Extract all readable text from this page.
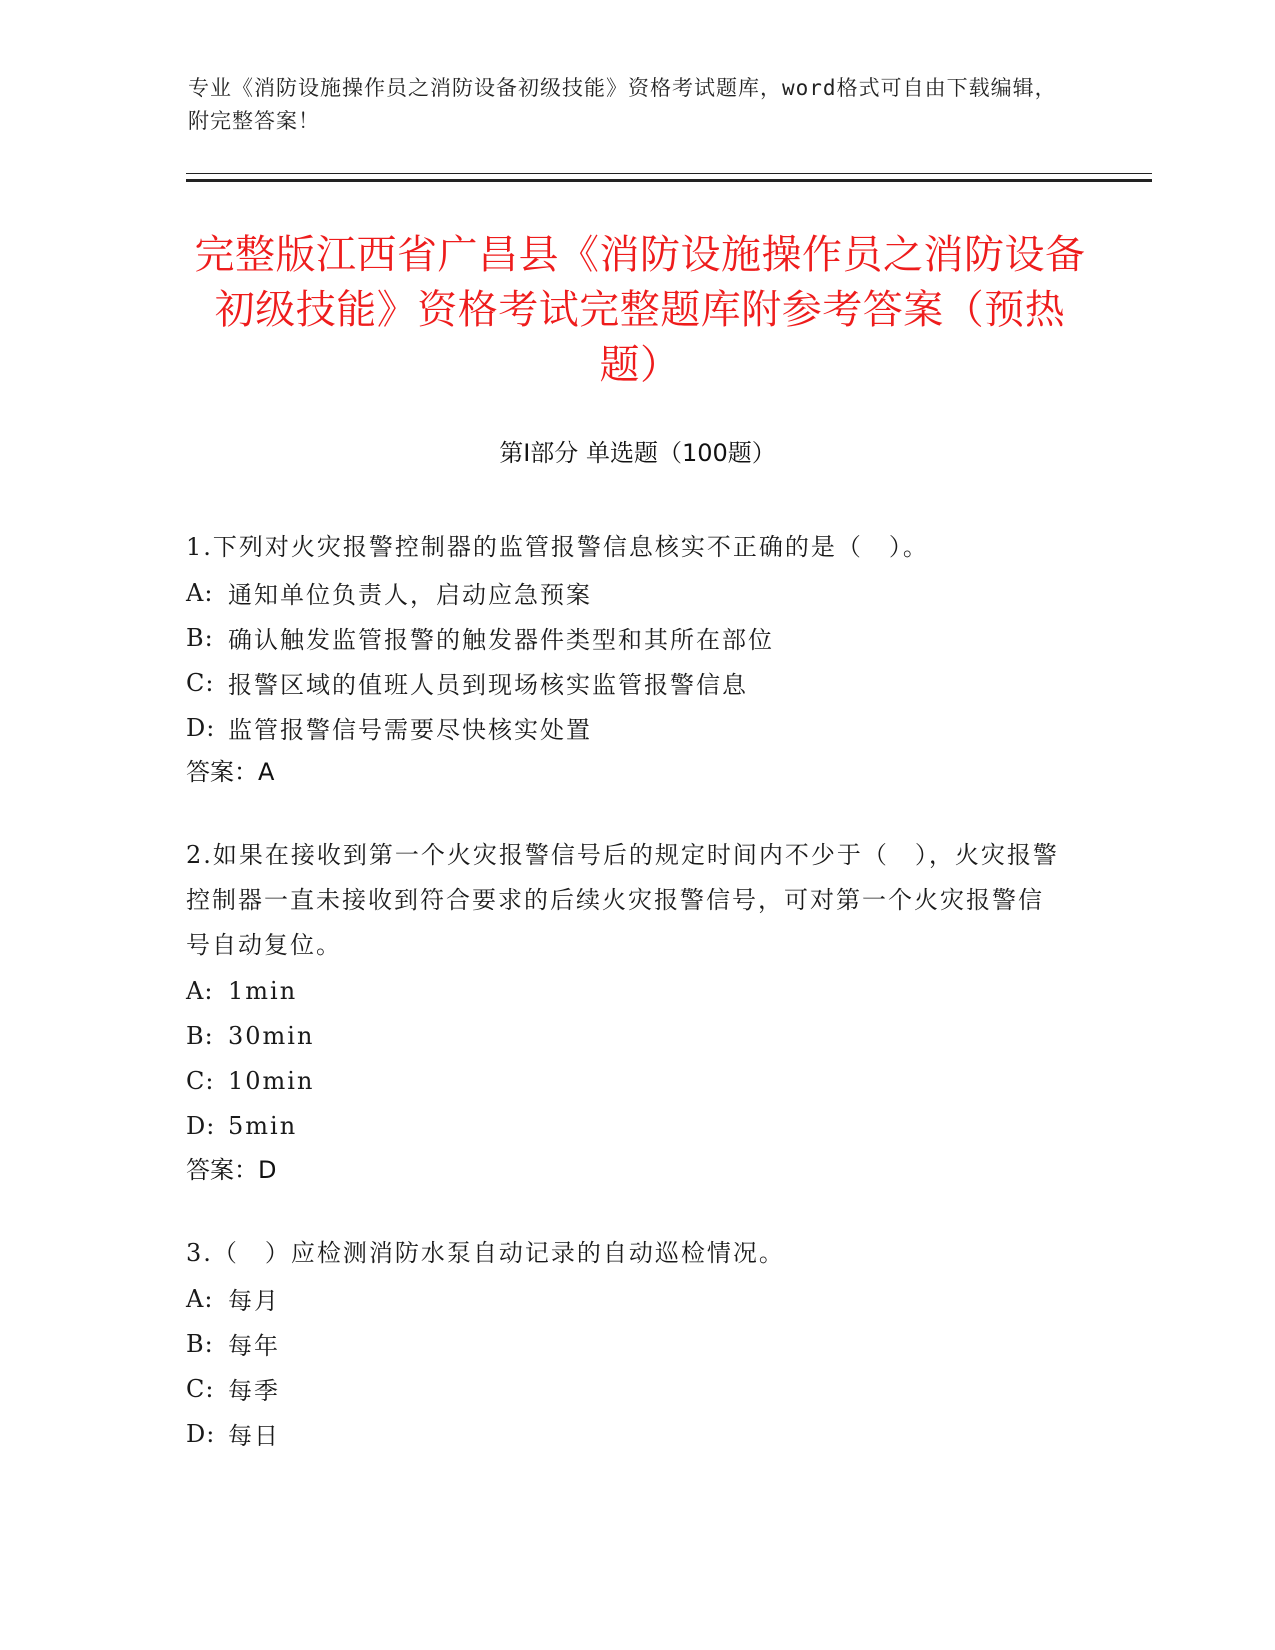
专业《消防设施操作员之消防设备初级技能》资格考试题库，word格式可自由下载编辑，附完整答案！
完整版江西省广昌县《消防设施操作员之消防设备初级技能》资格考试完整题库附参考答案（预热题）
第Ⅰ部分 单选题（100题）
1.下列对火灾报警控制器的监管报警信息核实不正确的是（　）。
A: 通知单位负责人，启动应急预案
B: 确认触发监管报警的触发器件类型和其所在部位
C: 报警区域的值班人员到现场核实监管报警信息
D: 监管报警信号需要尽快核实处置
答案：A
2.如果在接收到第一个火灾报警信号后的规定时间内不少于（　），火灾报警控制器一直未接收到符合要求的后续火灾报警信号，可对第一个火灾报警信号自动复位。
A: 1min
B: 30min
C: 10min
D: 5min
答案：D
3.（　）应检测消防水泵自动记录的自动巡检情况。
A: 每月
B: 每年
C: 每季
D: 每日
